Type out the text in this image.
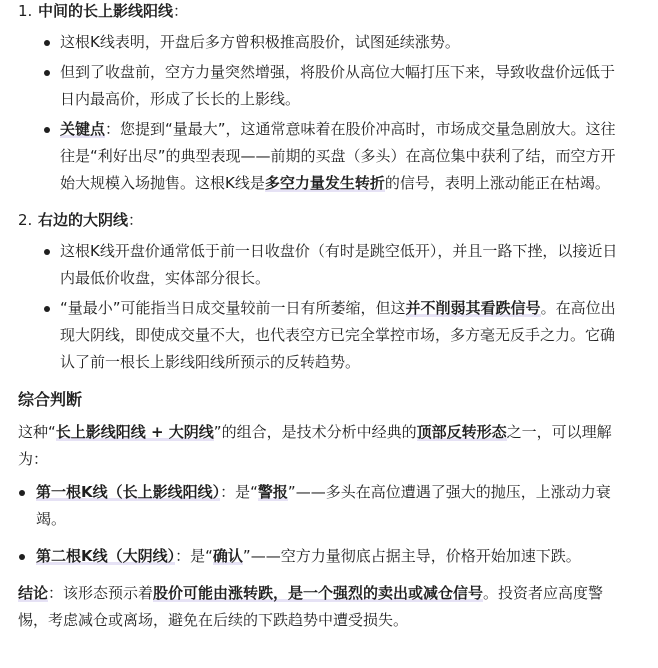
1. 中间的长上影线阳线：
这根K线表明，开盘后多方曾积极推高股价，试图延续涨势。
但到了收盘前，空方力量突然增强，将股价从高位大幅打压下来，导致收盘价远低于日内最高价，形成了长长的上影线。
关键点：您提到“量最大”，这通常意味着在股价冲高时，市场成交量急剧放大。这往往是“利好出尽”的典型表现——前期的买盘（多头）在高位集中获利了结，而空方开始大规模入场抛售。这根K线是多空力量发生转折的信号，表明上涨动能正在枯竭。
2. 右边的大阴线：
这根K线开盘价通常低于前一日收盘价（有时是跳空低开），并且一路下挫，以接近日内最低价收盘，实体部分很长。
“量最小”可能指当日成交量较前一日有所萎缩，但这并不削弱其看跌信号。在高位出现大阴线，即使成交量不大，也代表空方已完全掌控市场，多方毫无反手之力。它确认了前一根长上影线阳线所预示的反转趋势。
综合判断

这种“长上影线阳线 + 大阴线”的组合，是技术分析中经典的顶部反转形态之一，可以理解为：

第一根K线（长上影线阳线）：是“警报”——多头在高位遭遇了强大的抛压，上涨动力衰竭。
第二根K线（大阴线）：是“确认”——空方力量彻底占据主导，价格开始加速下跌。

结论：该形态预示着股价可能由涨转跌，是一个强烈的卖出或减仓信号。投资者应高度警惕，考虑减仓或离场，避免在后续的下跌趋势中遭受损失。
